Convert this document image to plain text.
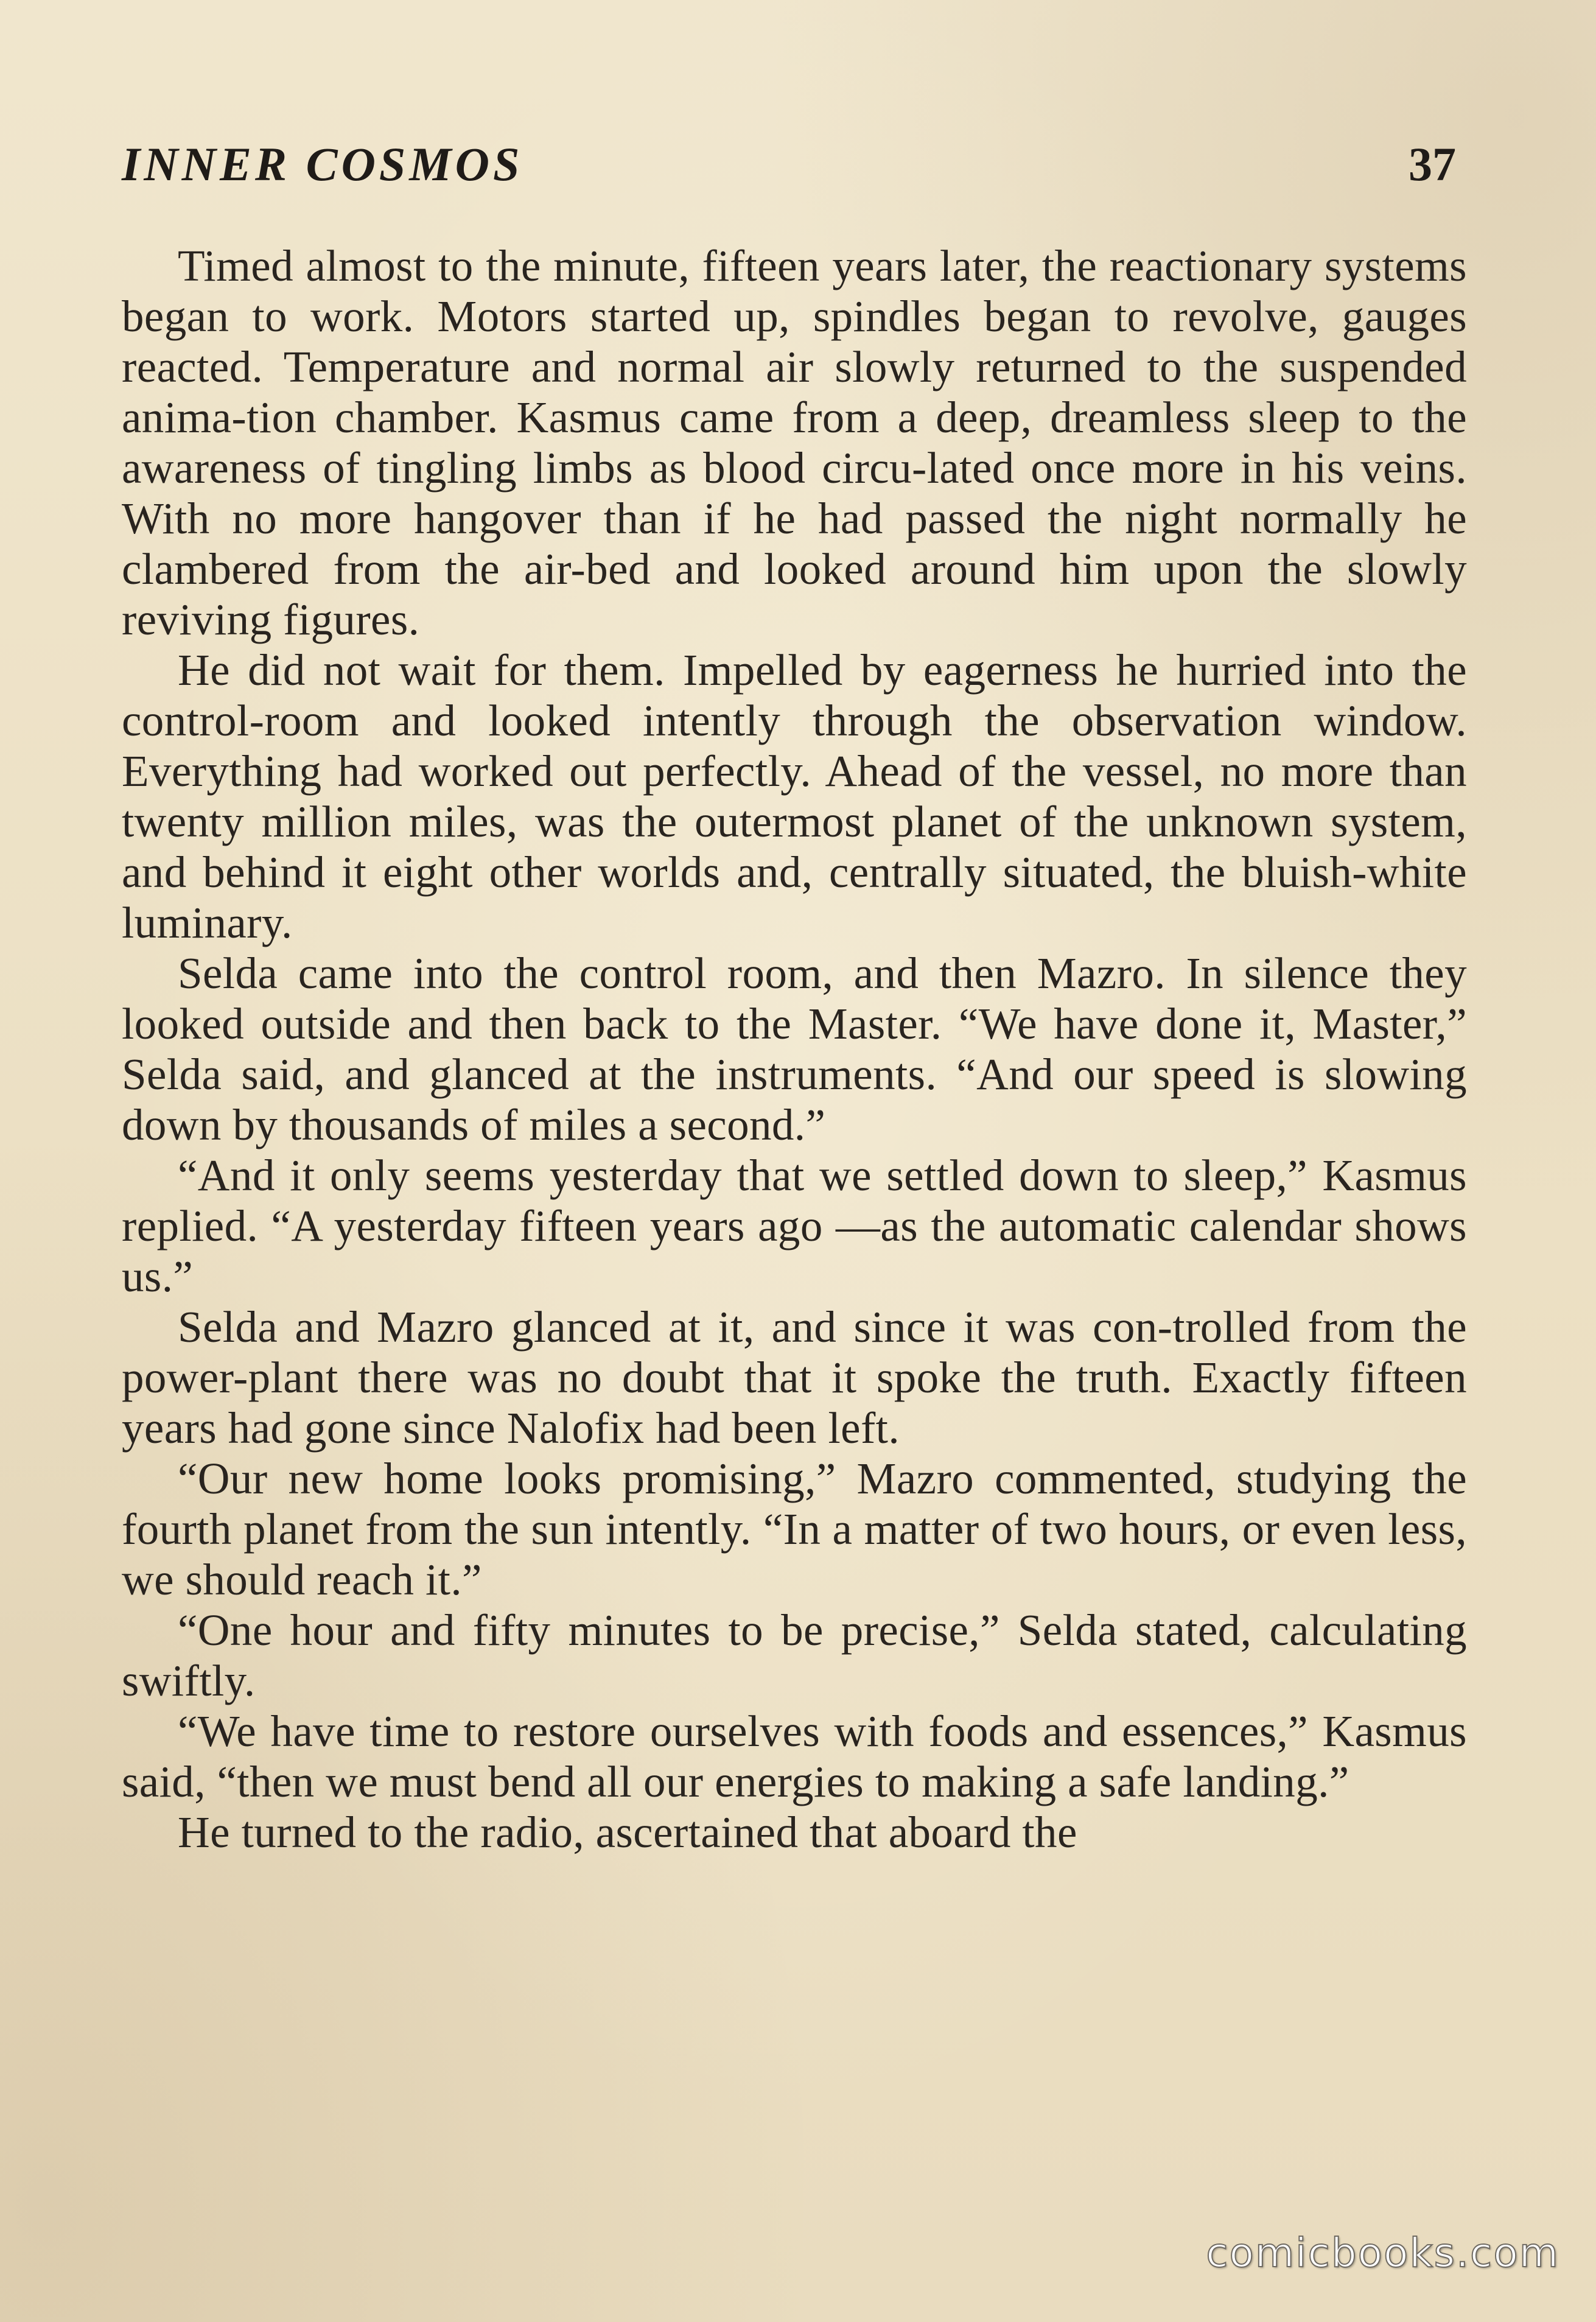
INNER COSMOS	37

Timed almost to the minute, fifteen years later, the reactionary systems began to work. Motors started up, spindles began to revolve, gauges reacted. Temperature and normal air slowly returned to the suspended anima-tion chamber. Kasmus came from a deep, dreamless sleep to the awareness of tingling limbs as blood circu-lated once more in his veins. With no more hangover than if he had passed the night normally he clambered from the air-bed and looked around him upon the slowly reviving figures.

He did not wait for them. Impelled by eagerness he hurried into the control-room and looked intently through the observation window. Everything had worked out perfectly. Ahead of the vessel, no more than twenty million miles, was the outermost planet of the unknown system, and behind it eight other worlds and, centrally situated, the bluish-white luminary.

Selda came into the control room, and then Mazro. In silence they looked outside and then back to the Master. “We have done it, Master,” Selda said, and glanced at the instruments. “And our speed is slowing down by thousands of miles a second.”

“And it only seems yesterday that we settled down to sleep,” Kasmus replied. “A yesterday fifteen years ago —as the automatic calendar shows us.”

Selda and Mazro glanced at it, and since it was con-trolled from the power-plant there was no doubt that it spoke the truth. Exactly fifteen years had gone since Nalofix had been left.

“Our new home looks promising,” Mazro commented, studying the fourth planet from the sun intently. “In a matter of two hours, or even less, we should reach it.”

“One hour and fifty minutes to be precise,” Selda stated, calculating swiftly.

“We have time to restore ourselves with foods and essences,” Kasmus said, “then we must bend all our energies to making a safe landing.”

He turned to the radio, ascertained that aboard the

comicbooks.com
